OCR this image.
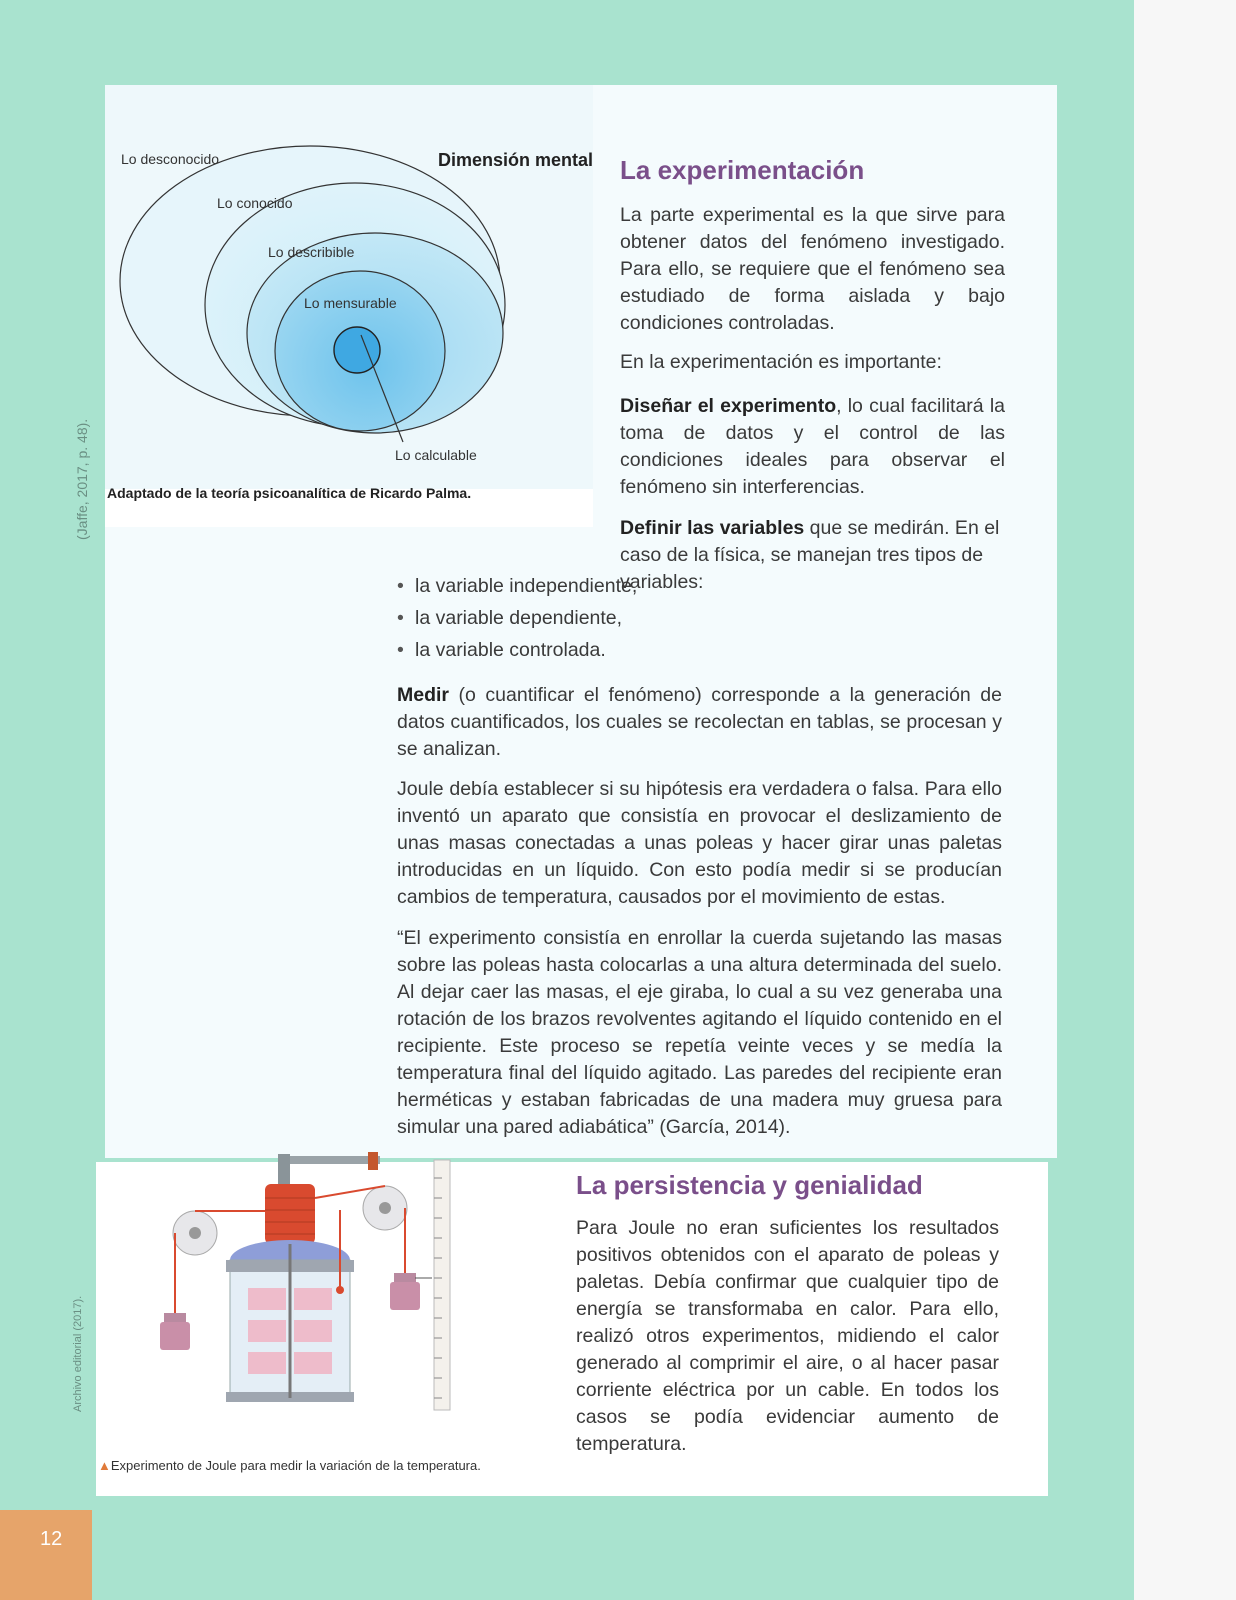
Dimensión mental
Lo desconocido
Lo conocido
Lo describible
Lo mensurable
Lo calculable
Adaptado de la teoría psicoanalítica de Ricardo Palma.
(Jaffe, 2017, p. 48).
Archivo editorial (2017).
La experimentación
La parte experimental es la que sirve para obtener datos del fenómeno investigado. Para ello, se requiere que el fenómeno sea estudiado de forma aislada y bajo condiciones controladas.
En la experimentación es importante:
Diseñar el experimento, lo cual facilitará la toma de datos y el control de las condiciones ideales para observar el fenómeno sin interferencias.
Definir las variables que se medirán. En el caso de la física, se manejan tres tipos de variables:
• la variable independiente,
• la variable dependiente,
• la variable controlada.
Medir (o cuantificar el fenómeno) corresponde a la generación de datos cuantificados, los cuales se recolectan en tablas, se procesan y se analizan.
Joule debía establecer si su hipótesis era verdadera o falsa. Para ello inventó un aparato que consistía en provocar el deslizamiento de unas masas conectadas a unas poleas y hacer girar unas paletas introducidas en un líquido. Con esto podía medir si se producían cambios de temperatura, causados por el movimiento de estas.
“El experimento consistía en enrollar la cuerda sujetando las masas sobre las poleas hasta colocarlas a una altura determinada del suelo. Al dejar caer las masas, el eje giraba, lo cual a su vez generaba una rotación de los brazos revolventes agitando el líquido contenido en el recipiente. Este proceso se repetía veinte veces y se medía la temperatura final del líquido agitado. Las paredes del recipiente eran herméticas y estaban fabricadas de una madera muy gruesa para simular una pared adiabática” (García, 2014).
▲Experimento de Joule para medir la variación de la temperatura.
La persistencia y genialidad
Para Joule no eran suficientes los resultados positivos obtenidos con el aparato de poleas y paletas. Debía confirmar que cualquier tipo de energía se transformaba en calor. Para ello, realizó otros experimentos, midiendo el calor generado al comprimir el aire, o al hacer pasar corriente eléctrica por un cable. En todos los casos se podía evidenciar aumento de temperatura.
12
